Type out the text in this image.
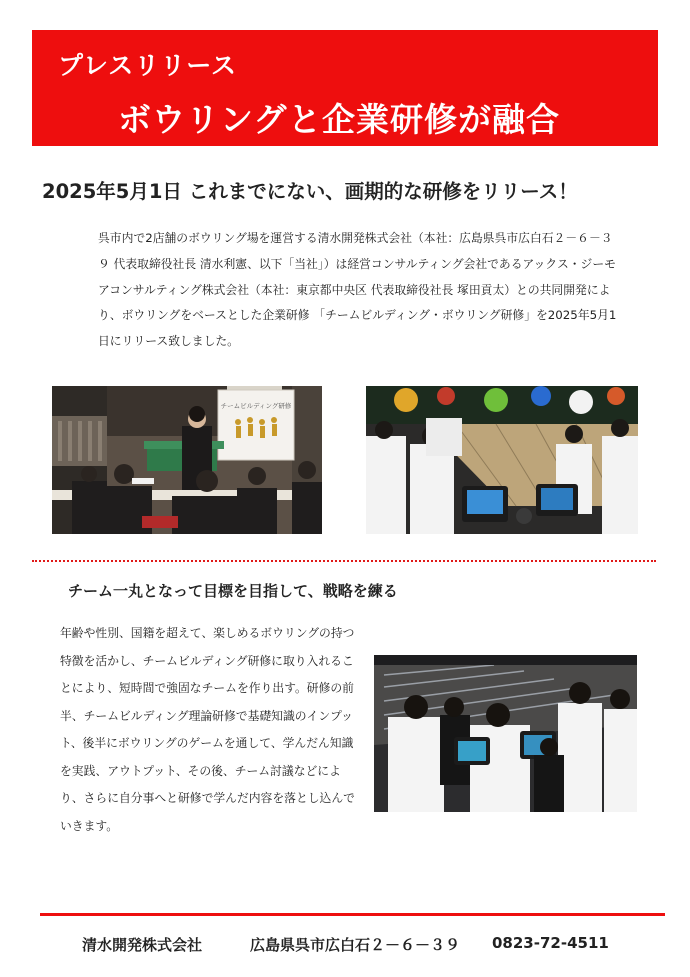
プレスリリース
ボウリングと企業研修が融合
2025年5月1日 これまでにない、画期的な研修をリリース！
呉市内で2店舗のボウリング場を運営する清水開発株式会社（本社：広島県呉市広白石２－６－３９ 代表取締役社長 清水利憲、以下「当社」）は経営コンサルティング会社であるアックス・ジーモアコンサルティング株式会社（本社：東京都中央区 代表取締役社長 塚田貢太）との共同開発により、ボウリングをベースとした企業研修 「チームビルディング・ボウリング研修」を2025年5月1日にリリース致しました。
チームビルディング研修
チーム一丸となって目標を目指して、戦略を練る
年齢や性別、国籍を超えて、楽しめるボウリングの持つ特徴を活かし、チームビルディング研修に取り入れることにより、短時間で強固なチームを作り出す。研修の前半、チームビルディング理論研修で基礎知識のインプット、後半にボウリングのゲームを通して、学んだん知識を実践、アウトプット、その後、チーム討議などにより、さらに自分事へと研修で学んだ内容を落とし込んでいきます。
清水開発株式会社	広島県呉市広白石２－６－３９ 0823-72-4511
